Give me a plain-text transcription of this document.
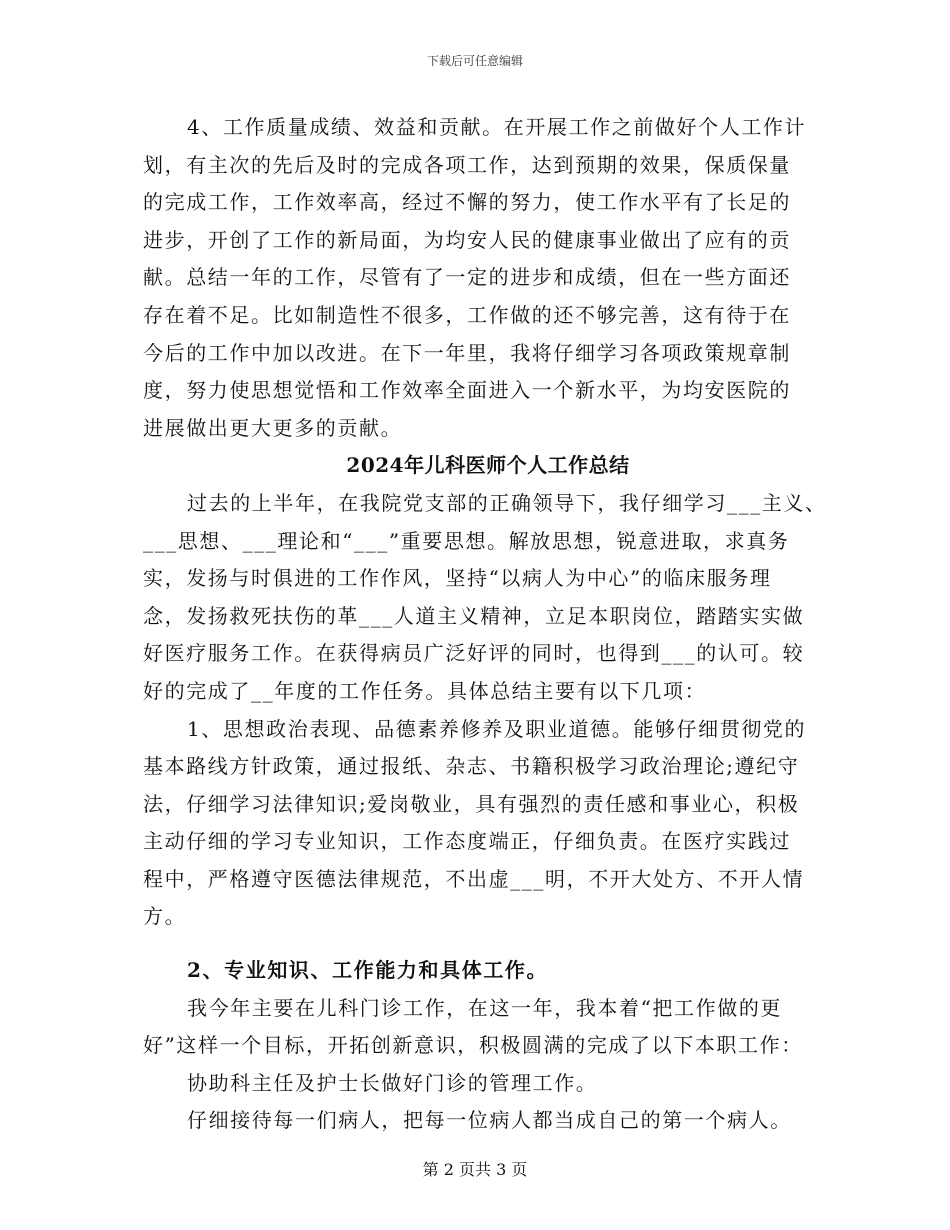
下载后可任意编辑
4、工作质量成绩、效益和贡献。在开展工作之前做好个人工作计
划，有主次的先后及时的完成各项工作，达到预期的效果，保质保量
的完成工作，工作效率高，经过不懈的努力，使工作水平有了长足的
进步，开创了工作的新局面，为均安人民的健康事业做出了应有的贡
献。总结一年的工作，尽管有了一定的进步和成绩，但在一些方面还
存在着不足。比如制造性不很多，工作做的还不够完善，这有待于在
今后的工作中加以改进。在下一年里，我将仔细学习各项政策规章制
度，努力使思想觉悟和工作效率全面进入一个新水平，为均安医院的
进展做出更大更多的贡献。
2024年儿科医师个人工作总结
过去的上半年，在我院党支部的正确领导下，我仔细学习___主义、
___思想、___理论和“___”重要思想。解放思想，锐意进取，求真务
实，发扬与时俱进的工作作风，坚持“以病人为中心”的临床服务理
念，发扬救死扶伤的革___人道主义精神，立足本职岗位，踏踏实实做
好医疗服务工作。在获得病员广泛好评的同时，也得到___的认可。较
好的完成了__年度的工作任务。具体总结主要有以下几项：
1、思想政治表现、品德素养修养及职业道德。能够仔细贯彻党的
基本路线方针政策，通过报纸、杂志、书籍积极学习政治理论;遵纪守
法，仔细学习法律知识;爱岗敬业，具有强烈的责任感和事业心，积极
主动仔细的学习专业知识，工作态度端正，仔细负责。在医疗实践过
程中，严格遵守医德法律规范，不出虚___明，不开大处方、不开人情
方。
2、专业知识、工作能力和具体工作。
我今年主要在儿科门诊工作，在这一年，我本着“把工作做的更
好”这样一个目标，开拓创新意识，积极圆满的完成了以下本职工作：
协助科主任及护士长做好门诊的管理工作。
仔细接待每一们病人，把每一位病人都当成自己的第一个病人。
第 2 页共 3 页
